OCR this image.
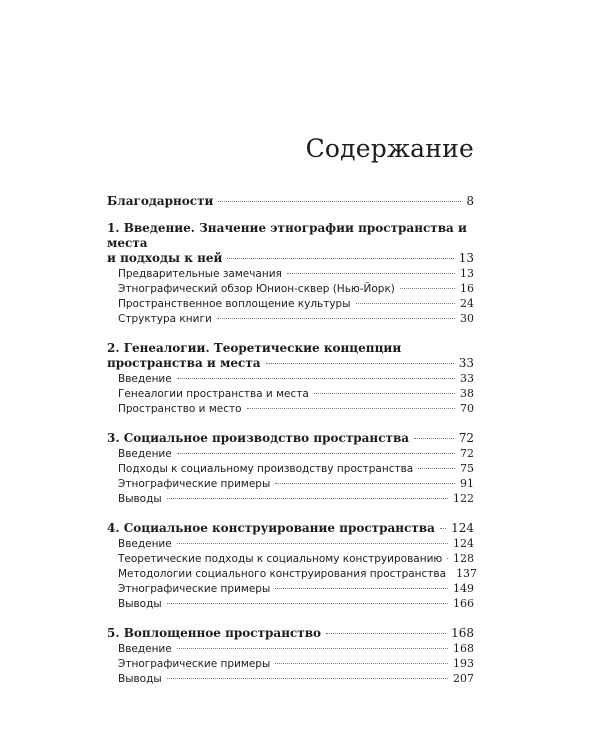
Содержание
Благодарности	8
1. Введение. Значение этнографии пространства и места
и подходы к ней	13
Предварительные замечания	13
Этнографический обзор Юнион-сквер (Нью-Йорк)	16
Пространственное воплощение культуры	24
Структура книги	30
2. Генеалогии. Теоретические концепции
пространства и места	33
Введение	33
Генеалогии пространства и места	38
Пространство и место	70
3. Социальное производство пространства	72
Введение	72
Подходы к социальному производству пространства	75
Этнографические примеры	91
Выводы	122
4. Социальное конструирование пространства 124
Введение	124
Теоретические подходы к социальному конструированию 128
Методологии социального конструирования пространства 137
Этнографические примеры	149
Выводы	166
5. Воплощенное пространство	168
Введение	168
Этнографические примеры	193
Выводы	207
